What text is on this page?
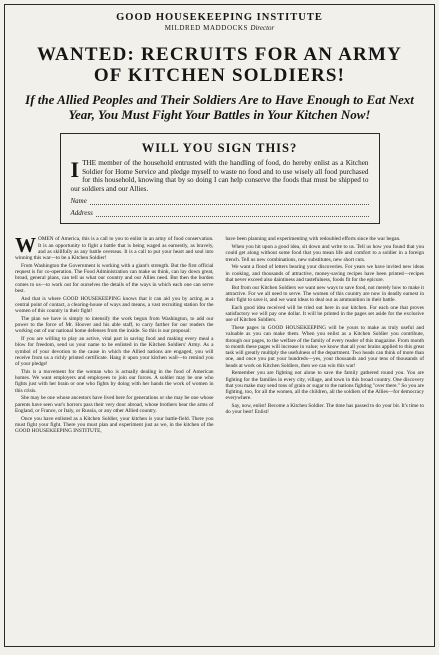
GOOD HOUSEKEEPING INSTITUTE
MILDRED MADDOCKS Director
WANTED: RECRUITS FOR AN ARMY
OF KITCHEN SOLDIERS!
If the Allied Peoples and Their Soldiers Are to Have Enough to Eat Next Year, You Must Fight Your Battles in Your Kitchen Now!
WILL YOU SIGN THIS?
I THE member of the household entrusted with the handling of food, do hereby enlist as a Kitchen Soldier for Home Service and pledge myself to waste no food and to use wisely all food purchased for this household, knowing that by so doing I can help conserve the foods that must be shipped to our soldiers and our Allies.
Name
Address

WOMEN of America, this is a call to you to enlist in an army of food conservation. It is an opportunity to fight a battle that is being waged as earnestly, as bravely, and as skillfully as any battle overseas. It is a call to put your heart and soul into winning this war—to be a Kitchen Soldier!

From Washington the Government is working with a giant's strength. But the first official request is for co-operation. The Food Administration can make us think, can lay down great, broad, general plans, can tell us what our country and our Allies need. But then the burden comes to us—to work out for ourselves the details of the ways in which each one can serve best.

And that is where GOOD HOUSEKEEPING knows that it can aid you by acting as a central point of contact, a clearing-house of ways and means, a vast recruiting station for the women of this country in their fight!

The plan we have is simply to intensify the work begun from Washington, to add our power to the force of Mr. Hoover and his able staff, to carry farther for our readers the working out of our national home defenses from the inside. So this is our proposal:

If you are willing to play an active, vital part in saving food and making every meal a blow for freedom, send us your name to be enlisted in the Kitchen Soldiers' Army. As a symbol of your devotion to the cause in which the Allied nations are engaged, you will receive from us a richly printed certificate. Hang it upon your kitchen wall—to remind you of your pledge!

This is a movement for the woman who is actually dealing in the food of American homes. We want employers and employees to join our forces. A soldier may be one who fights just with her brain or one who fights by doing with her hands the work of women in this crisis.

She may be one whose ancestors have lived here for generations or she may be one whose parents have seen war's horrors pass their very door abroad, whose brothers bear the arms of England, or France, or Italy, or Russia, or any other Allied country.

Once you have enlisted as a Kitchen Soldier, your kitchen is your battle-field. There you must fight your fight. There you must plan and experiment just as we, in the kitchen of the GOOD HOUSEKEEPING INSTITUTE,

have been planning and experimenting with redoubled efforts since the war began.

When you hit upon a good idea, sit down and write to us. Tell us how you found that you could get along without some food that you mean life and comfort to a soldier in a foreign trench. Tell us new combinations, new substitutes, new short cuts.

We want a flood of letters bearing your discoveries. For years we have invited new ideas in cooking, and thousands of attractive, money-saving recipes have been printed—recipes that never exceed also daintiness and tastefulness, foods fit for the epicure.

But from our Kitchen Soldiers we want new ways to save food, not merely how to make it attractive. For we all need to serve. The women of this country are now in deadly earnest in their fight to save it, and we want ideas to deal out as ammunition in their battle.

Each good idea received will be tried out here in our kitchen. For each one that proves satisfactory we will pay one dollar. It will be printed in the pages set aside for the exclusive use of Kitchen Soldiers.

These pages in GOOD HOUSEKEEPING will be yours to make as truly useful and valuable as you can make them. When you enlist as a Kitchen Soldier you contribute, through our pages, to the welfare of the family of every reader of this magazine. From month to month these pages will increase in value; we know that all your brains applied to this great task will greatly multiply the usefulness of the department. Two heads can think of more than one, and once you put your hundreds—yes, your thousands and your tens of thousands of heads at work on Kitchen Soldiers, then we can win this war!

Remember you are fighting not alone to save the family gathered round you. You are fighting for the families in every city, village, and town in this broad country. One discovery that you make may send tons of grain or sugar to the nations fighting "over there." So you are fighting, too, for all the women, all the children, all the soldiers of the Allies—for democracy everywhere.

Say, now, enlist! Become a Kitchen Soldier. The time has passed to do your bit. It's time to do your best! Enlist!
